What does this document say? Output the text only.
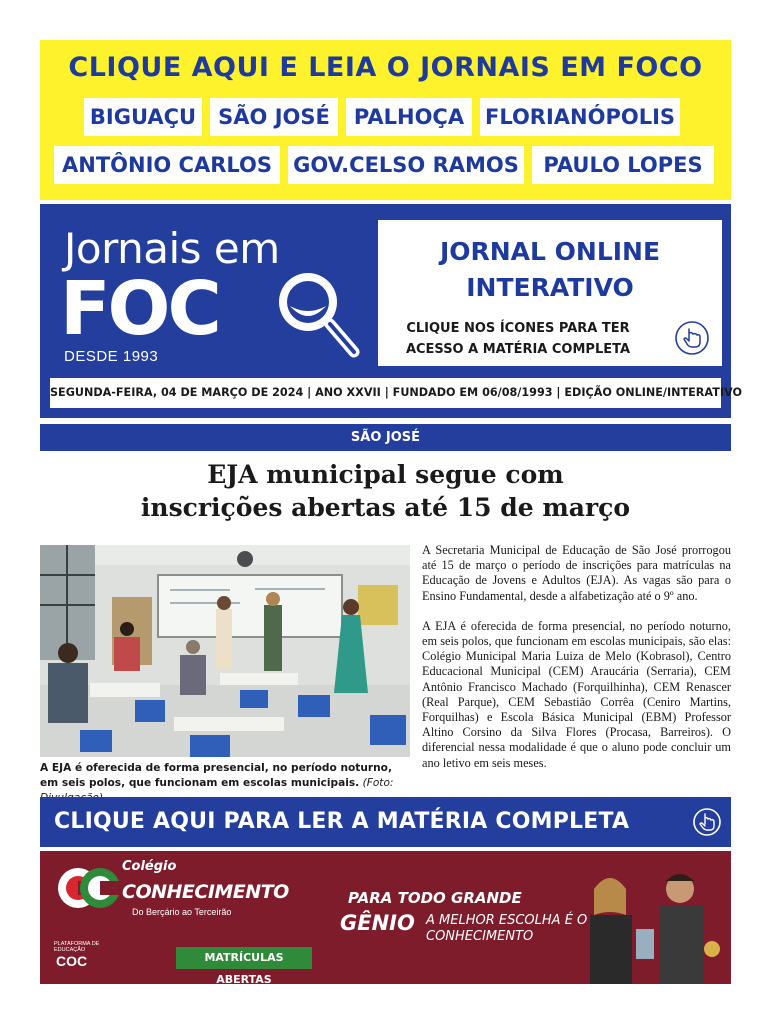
CLIQUE AQUI E LEIA O JORNAIS EM FOCO
BIGUAÇU	SÃO JOSÉ	PALHOÇA FLORIANÓPOLIS
ANTÔNIO CARLOS	GOV.CELSO RAMOS	PAULO LOPES
Jornais em
FOC
DESDE 1993
JORNAL ONLINE
INTERATIVO
CLIQUE NOS ÍCONES PARA TER
ACESSO A MATÉRIA COMPLETA
SEGUNDA-FEIRA, 04 DE MARÇO DE 2024 | ANO XXVII | FUNDADO EM 06/08/1993 | EDIÇÃO ONLINE/INTERATIVO
SÃO JOSÉ
EJA municipal segue com
inscrições abertas até 15 de março
A EJA é oferecida de forma presencial, no período noturno, em seis polos, que funcionam em escolas municipais. (Foto:

A Secretaria Municipal de Educação de São José prorrogou até 15 de março o período de inscrições para matrículas na Educação de Jovens e Adultos (EJA). As vagas são para o Ensino Fundamental, desde a alfabetização até o 9º ano.

A EJA é oferecida de forma presencial, no período noturno, em seis polos, que funcionam em escolas municipais, são elas: Colégio Municipal Maria Luiza de Melo (Kobrasol), Centro Educacional Municipal (CEM) Araucária (Serraria), CEM Antônio Francisco Machado (Forquilhinha), CEM Renascer (Real Parque), CEM Sebastião Corrêa (Ceniro Martins, Forquilhas) e Escola Básica Municipal (EBM) Professor Altino Corsino da Silva Flores (Procasa, Barreiros). O diferencial nessa modalidade é que o aluno pode concluir um ano letivo em seis meses.

CLIQUE AQUI PARA LER A MATÉRIA COMPLETA
Colégio
CONHECIMENTO
Do Berçário ao Terceirão
PLATAFORMA DE EDUCAÇÃO
COC	MATRÍCULAS ABERTAS
PARA TODO GRANDE
GÊNIO A MELHOR ESCOLHA É O
CONHECIMENTO
